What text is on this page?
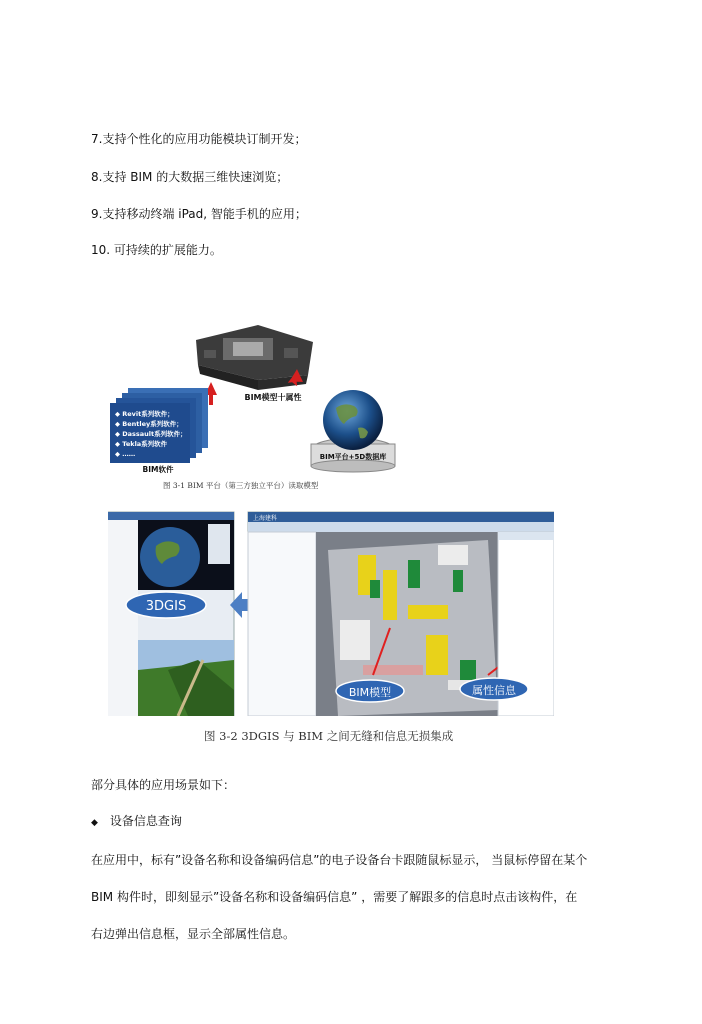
7.支持个性化的应用功能模块订制开发；
8.支持 BIM 的大数据三维快速浏览；
9.支持移动终端 iPad, 智能手机的应用；
10. 可持续的扩展能力。
BIM模型十属性
◆ Revit系列软件；
◆ Bentley系列软件；
◆ Dassault系列软件；
◆ Tekla系列软件
◆ ……
BIM软件
BIM平台+5D数据库
图 3-1 BIM 平台（第三方独立平台）读取模型
3DGIS
上海建科
BIM模型	属性信息
图 3-2 3DGIS 与 BIM 之间无缝和信息无损集成
部分具体的应用场景如下：
◆ 设备信息查询
在应用中，标有”设备名称和设备编码信息”的电子设备台卡跟随鼠标显示， 当鼠标停留在某个
BIM 构件时，即刻显示”设备名称和设备编码信息” ，需要了解跟多的信息时点击该构件，在
右边弹出信息框，显示全部属性信息。
